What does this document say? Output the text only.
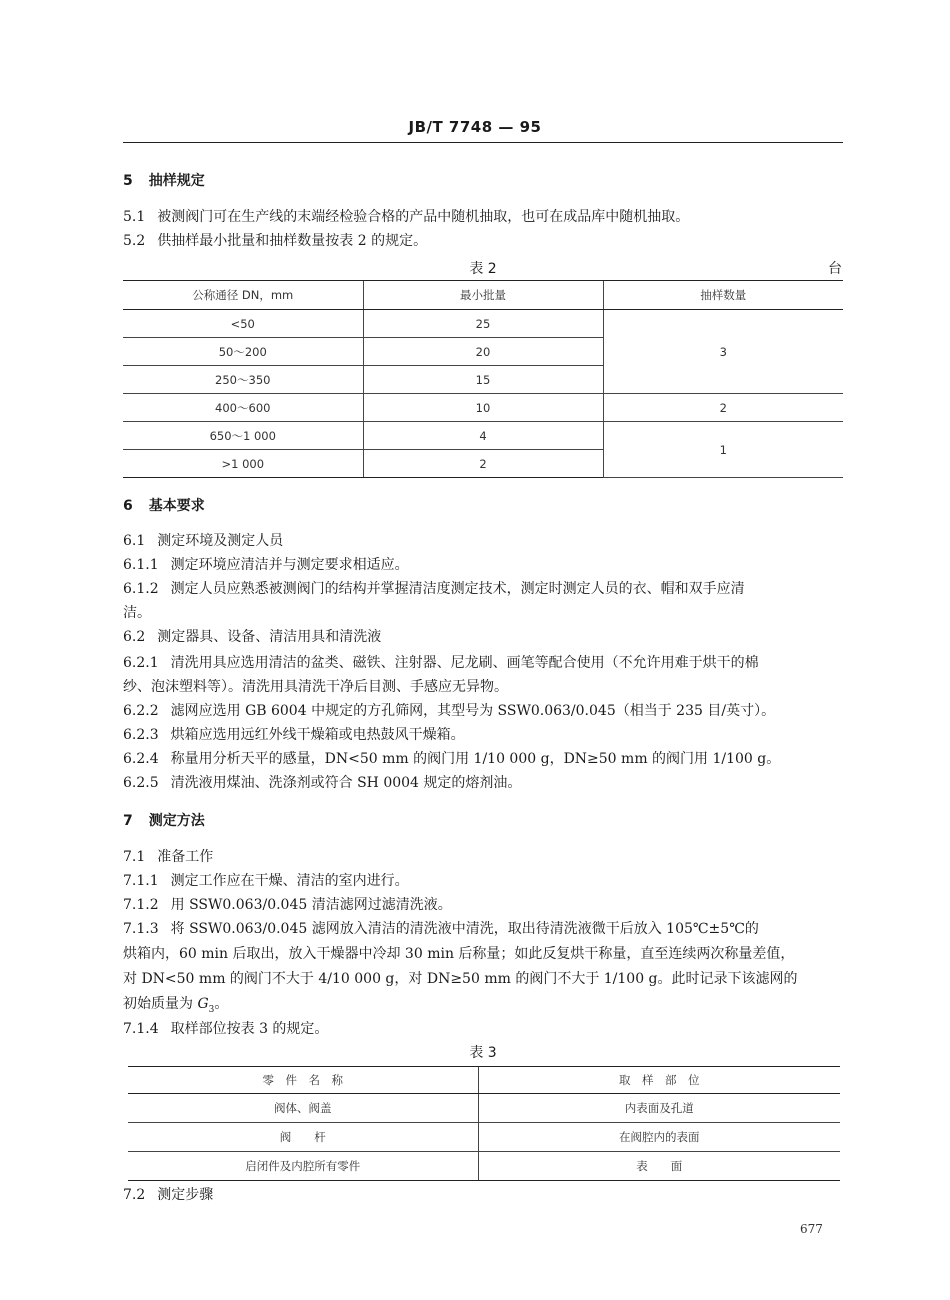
JB/T 7748 — 95
5 抽样规定
5.1 被测阀门可在生产线的末端经检验合格的产品中随机抽取，也可在成品库中随机抽取。
5.2 供抽样最小批量和抽样数量按表 2 的规定。
表 2	台
公称通径 DN，mm	最小批量	抽样数量
<50	25	3
50～200	20	
250～350	15	
400～600	10	2
650～1 000	4	1
>1 000	2	
6 基本要求
6.1 测定环境及测定人员
6.1.1 测定环境应清洁并与测定要求相适应。
6.1.2 测定人员应熟悉被测阀门的结构并掌握清洁度测定技术，测定时测定人员的衣、帽和双手应清
洁。
6.2 测定器具、设备、清洁用具和清洗液
6.2.1 清洗用具应选用清洁的盆类、磁铁、注射器、尼龙刷、画笔等配合使用（不允许用难于烘干的棉
纱、泡沫塑料等）。清洗用具清洗干净后目测、手感应无异物。
6.2.2 滤网应选用 GB 6004 中规定的方孔筛网，其型号为 SSW0.063/0.045（相当于 235 目/英寸）。
6.2.3 烘箱应选用远红外线干燥箱或电热鼓风干燥箱。
6.2.4 称量用分析天平的感量，DN<50 mm 的阀门用 1/10 000 g，DN≥50 mm 的阀门用 1/100 g。
6.2.5 清洗液用煤油、洗涤剂或符合 SH 0004 规定的熔剂油。
7 测定方法
7.1 准备工作
7.1.1 测定工作应在干燥、清洁的室内进行。
7.1.2 用 SSW0.063/0.045 清洁滤网过滤清洗液。
7.1.3 将 SSW0.063/0.045 滤网放入清洁的清洗液中清洗，取出待清洗液微干后放入 105℃±5℃的
烘箱内，60 min 后取出，放入干燥器中冷却 30 min 后称量；如此反复烘干称量，直至连续两次称量差值，
对 DN<50 mm 的阀门不大于 4/10 000 g，对 DN≥50 mm 的阀门不大于 1/100 g。此时记录下该滤网的
初始质量为 $G_3$。
7.1.4 取样部位按表 3 的规定。
表 3
零　件　名　称	取　样　部　位
阀体、阀盖	内表面及孔道
阀　　杆	在阀腔内的表面
启闭件及内腔所有零件	表　　面
7.2 测定步骤
677
